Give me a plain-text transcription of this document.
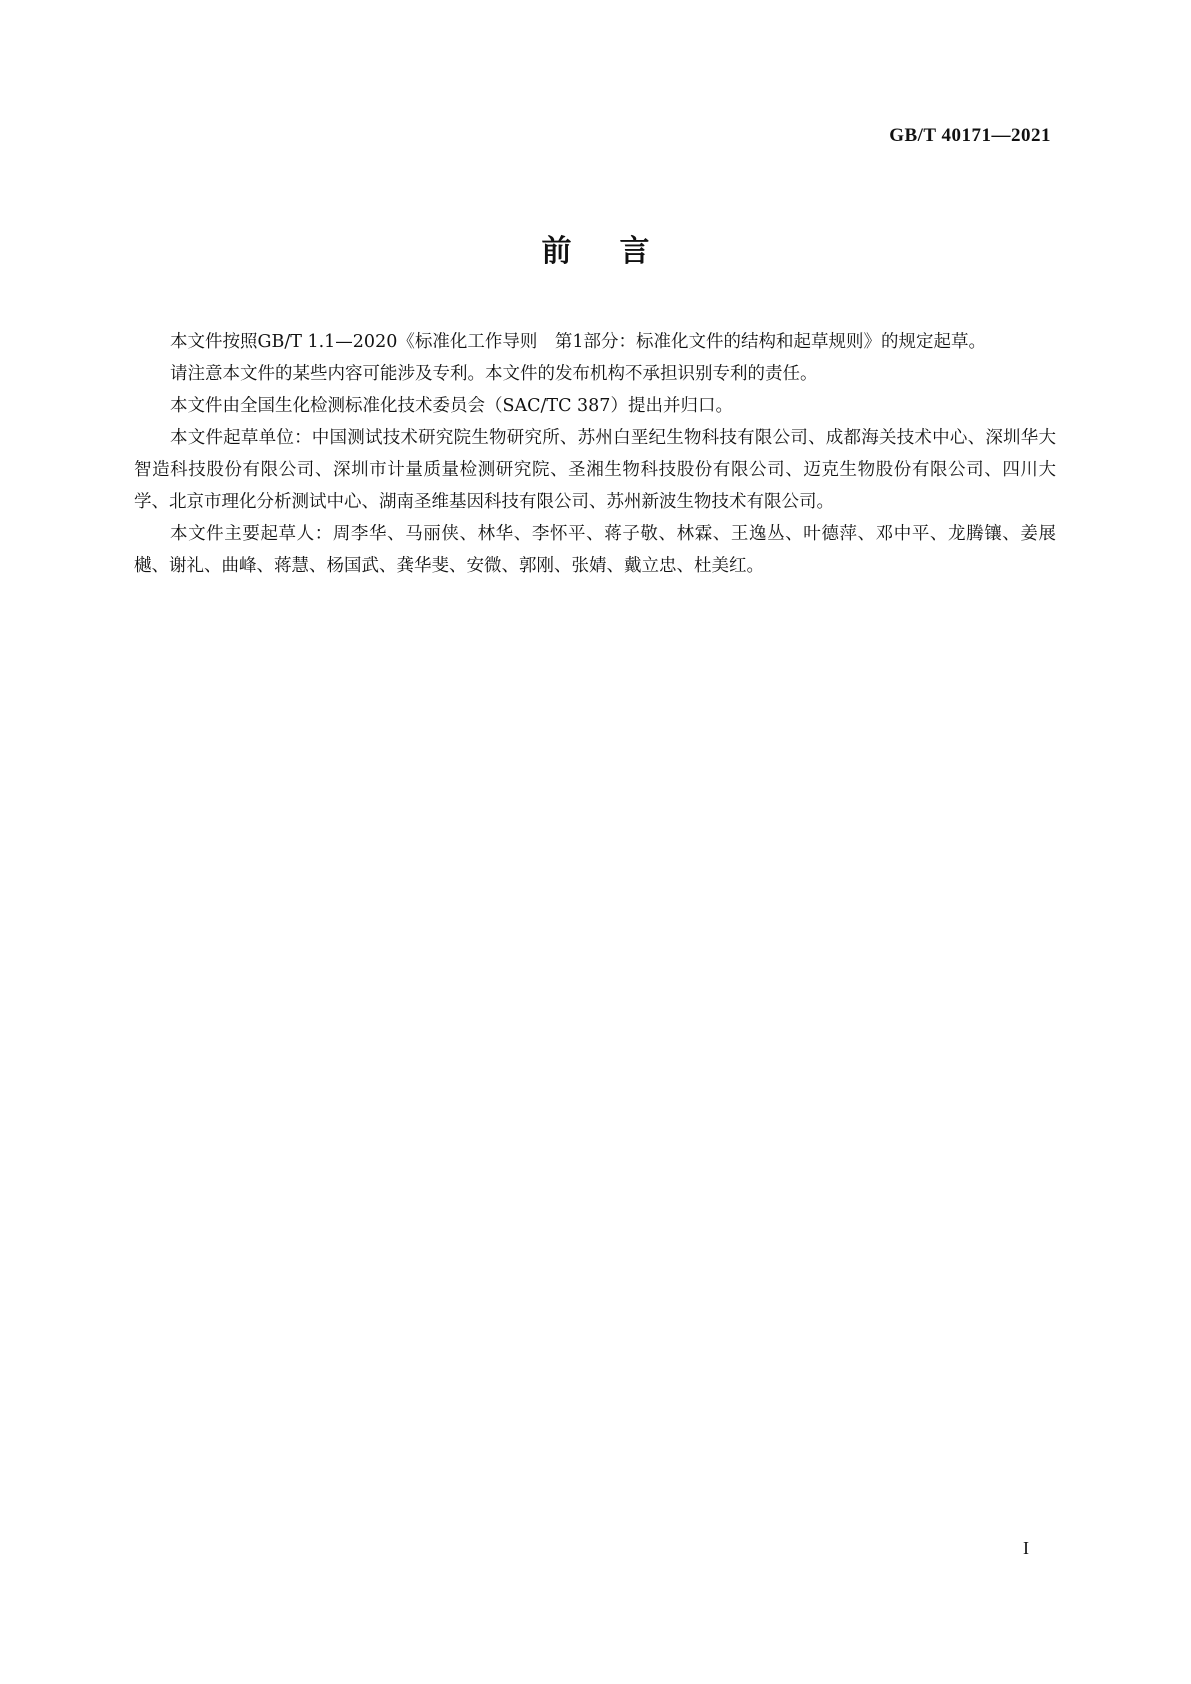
GB/T 40171—2021
前言

本文件按照GB/T 1.1—2020《标准化工作导则　第1部分：标准化文件的结构和起草规则》的规定起草。

请注意本文件的某些内容可能涉及专利。本文件的发布机构不承担识别专利的责任。

本文件由全国生化检测标准化技术委员会（SAC/TC 387）提出并归口。

本文件起草单位：中国测试技术研究院生物研究所、苏州白垩纪生物科技有限公司、成都海关技术中心、深圳华大智造科技股份有限公司、深圳市计量质量检测研究院、圣湘生物科技股份有限公司、迈克生物股份有限公司、四川大学、北京市理化分析测试中心、湖南圣维基因科技有限公司、苏州新波生物技术有限公司。

本文件主要起草人：周李华、马丽侠、林华、李怀平、蒋子敬、林霖、王逸丛、叶德萍、邓中平、龙腾镶、姜展樾、谢礼、曲峰、蒋慧、杨国武、龚华斐、安微、郭刚、张婧、戴立忠、杜美红。

I
